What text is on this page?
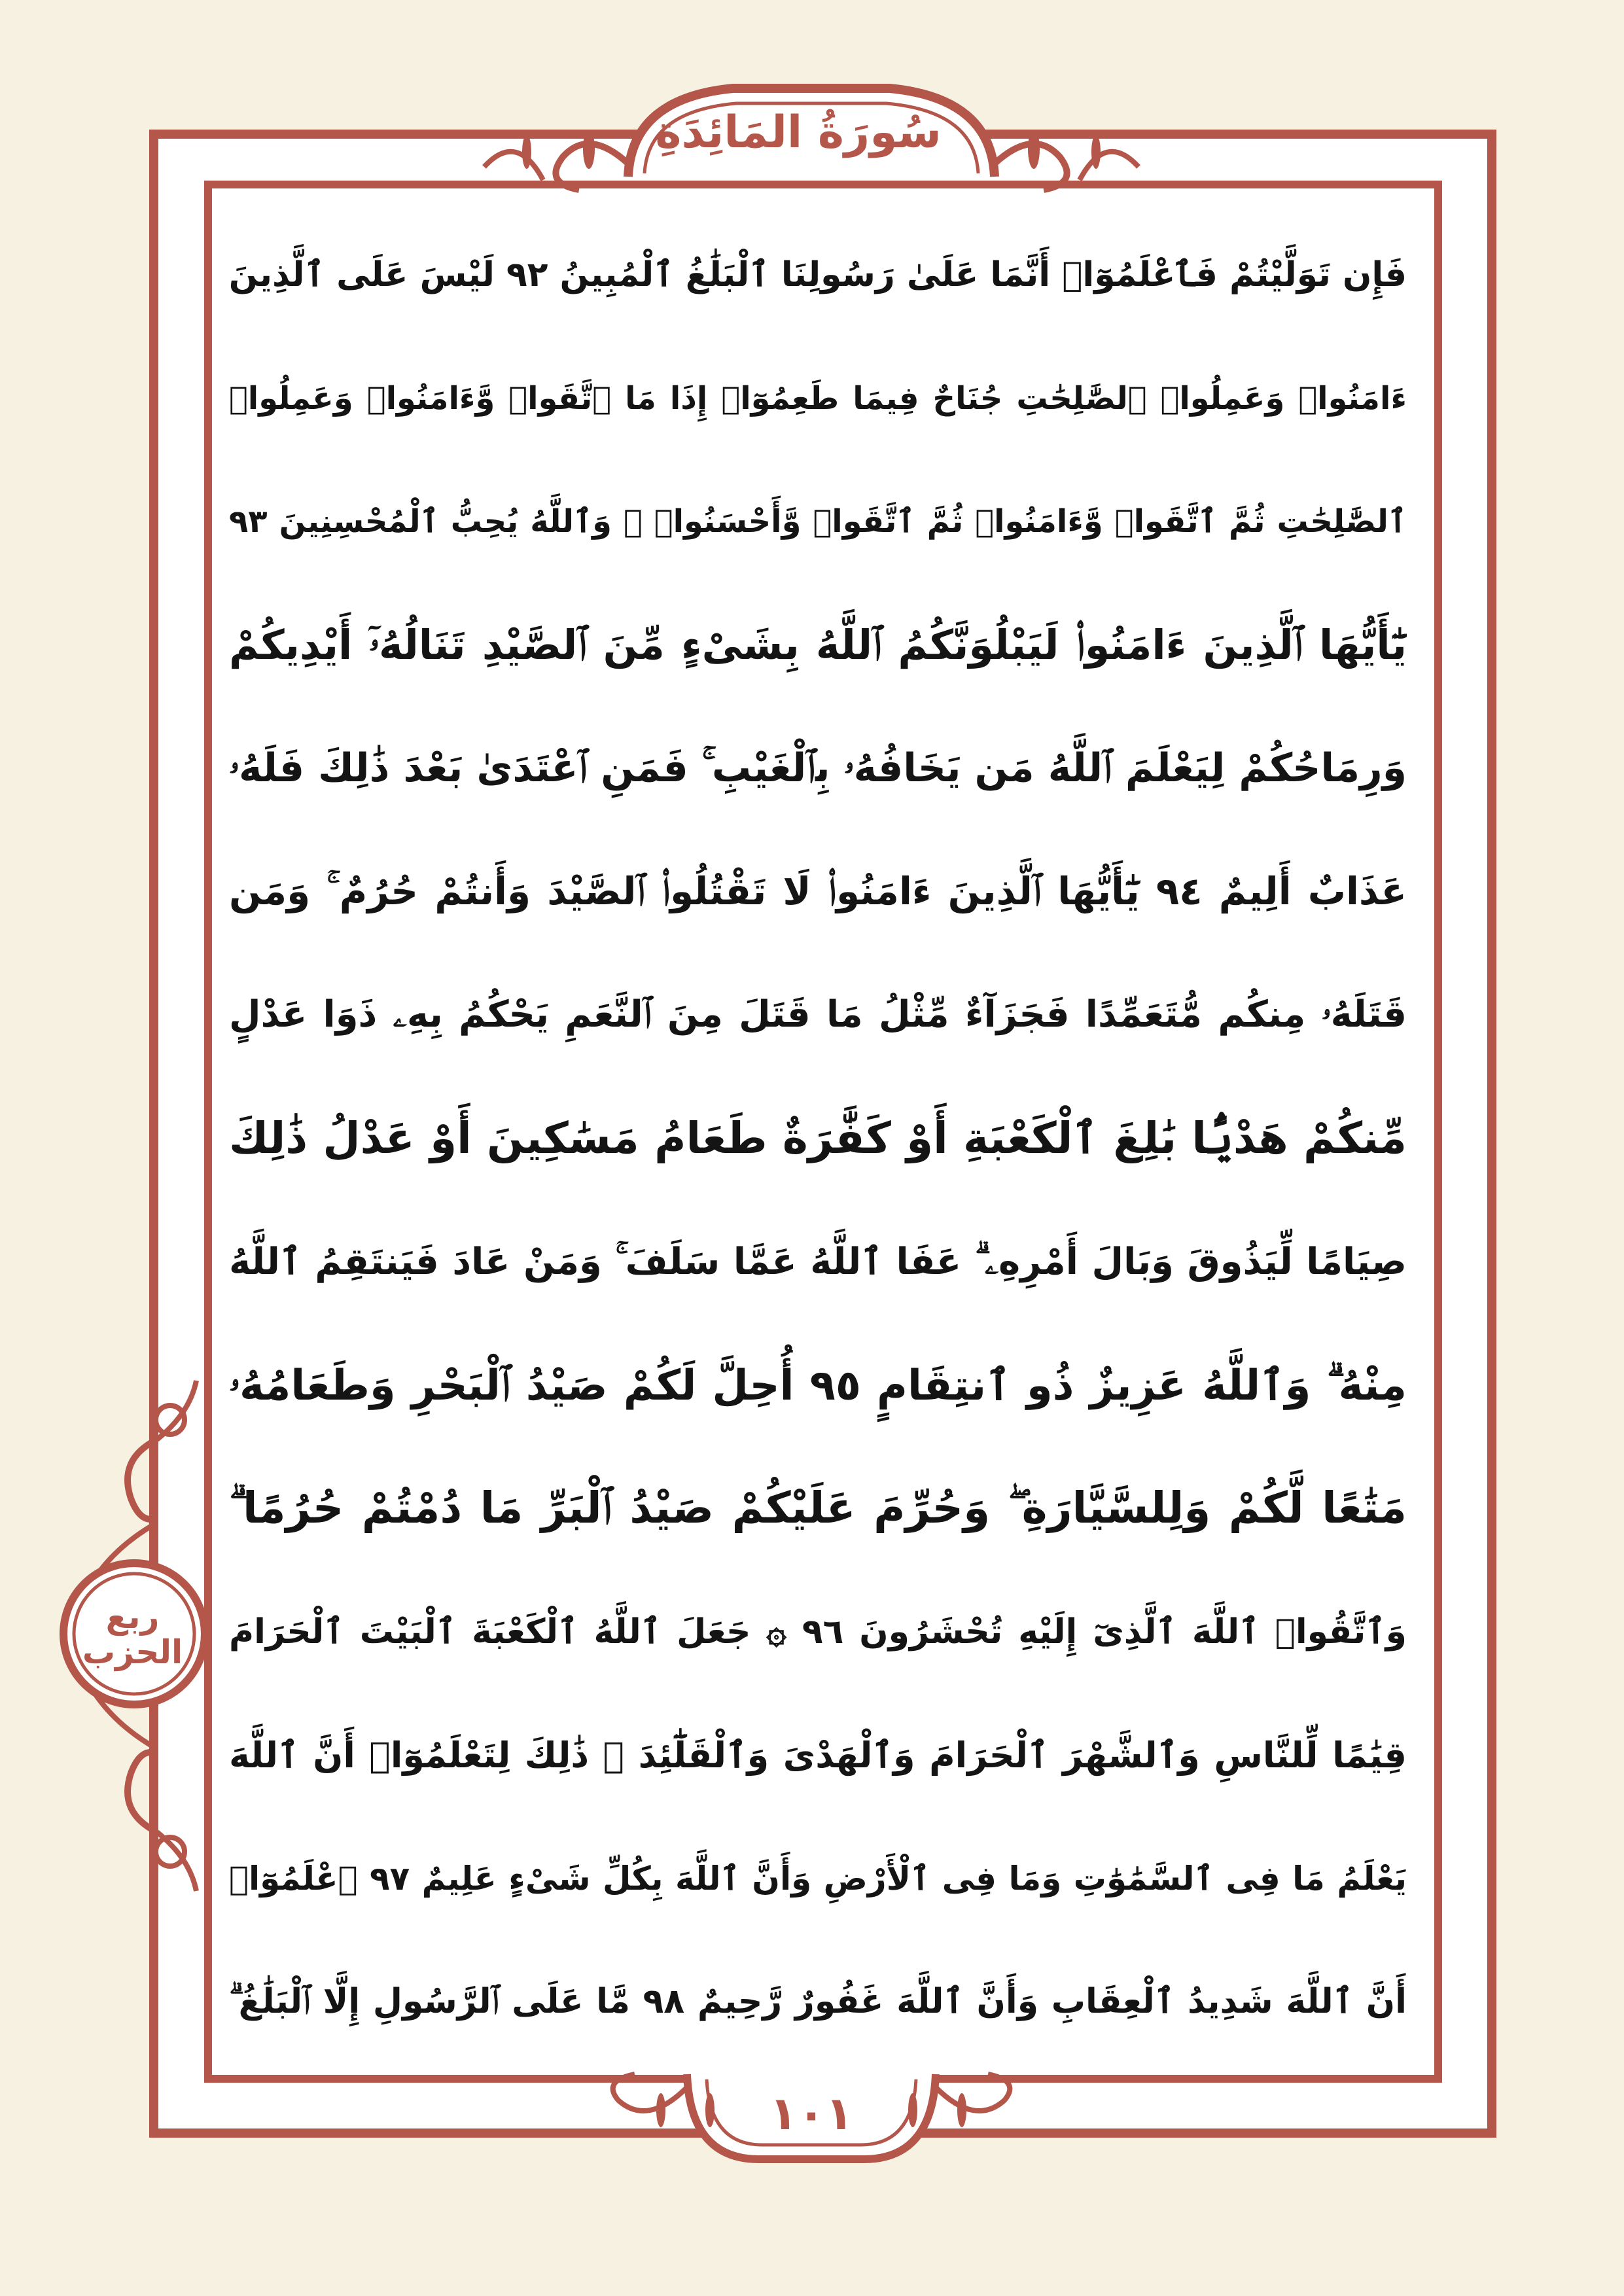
سُورَةُ المَائِدَةِ
فَإِن تَوَلَّيْتُمْ فَٱعْلَمُوٓا۟ أَنَّمَا عَلَىٰ رَسُولِنَا ٱلْبَلَٰغُ ٱلْمُبِينُ ٩٢ لَيْسَ عَلَى ٱلَّذِينَ
ءَامَنُوا۟ وَعَمِلُوا۟ ٱلصَّٰلِحَٰتِ جُنَاحٌ فِيمَا طَعِمُوٓا۟ إِذَا مَا ٱتَّقَوا۟ وَّءَامَنُوا۟ وَعَمِلُوا۟
ٱلصَّٰلِحَٰتِ ثُمَّ ٱتَّقَوا۟ وَّءَامَنُوا۟ ثُمَّ ٱتَّقَوا۟ وَّأَحْسَنُوا۟ ۗ وَٱللَّهُ يُحِبُّ ٱلْمُحْسِنِينَ ٩٣
يَٰٓأَيُّهَا ٱلَّذِينَ ءَامَنُوا۟ لَيَبْلُوَنَّكُمُ ٱللَّهُ بِشَىْءٍ مِّنَ ٱلصَّيْدِ تَنَالُهُۥٓ أَيْدِيكُمْ
وَرِمَاحُكُمْ لِيَعْلَمَ ٱللَّهُ مَن يَخَافُهُۥ بِٱلْغَيْبِ ۚ فَمَنِ ٱعْتَدَىٰ بَعْدَ ذَٰلِكَ فَلَهُۥ
عَذَابٌ أَلِيمٌ ٩٤ يَٰٓأَيُّهَا ٱلَّذِينَ ءَامَنُوا۟ لَا تَقْتُلُوا۟ ٱلصَّيْدَ وَأَنتُمْ حُرُمٌ ۚ وَمَن
قَتَلَهُۥ مِنكُم مُّتَعَمِّدًا فَجَزَآءٌ مِّثْلُ مَا قَتَلَ مِنَ ٱلنَّعَمِ يَحْكُمُ بِهِۦ ذَوَا عَدْلٍ
مِّنكُمْ هَدْيًۢا بَٰلِغَ ٱلْكَعْبَةِ أَوْ كَفَّٰرَةٌ طَعَامُ مَسَٰكِينَ أَوْ عَدْلُ ذَٰلِكَ
صِيَامًا لِّيَذُوقَ وَبَالَ أَمْرِهِۦ ۗ عَفَا ٱللَّهُ عَمَّا سَلَفَ ۚ وَمَنْ عَادَ فَيَنتَقِمُ ٱللَّهُ
مِنْهُ ۗ وَٱللَّهُ عَزِيزٌ ذُو ٱنتِقَامٍ ٩٥ أُحِلَّ لَكُمْ صَيْدُ ٱلْبَحْرِ وَطَعَامُهُۥ
مَتَٰعًا لَّكُمْ وَلِلسَّيَّارَةِ ۖ وَحُرِّمَ عَلَيْكُمْ صَيْدُ ٱلْبَرِّ مَا دُمْتُمْ حُرُمًا ۗ
وَٱتَّقُوا۟ ٱللَّهَ ٱلَّذِىٓ إِلَيْهِ تُحْشَرُونَ ٩٦ ۞ جَعَلَ ٱللَّهُ ٱلْكَعْبَةَ ٱلْبَيْتَ ٱلْحَرَامَ
قِيَٰمًا لِّلنَّاسِ وَٱلشَّهْرَ ٱلْحَرَامَ وَٱلْهَدْىَ وَٱلْقَلَٰٓئِدَ ۚ ذَٰلِكَ لِتَعْلَمُوٓا۟ أَنَّ ٱللَّهَ
يَعْلَمُ مَا فِى ٱلسَّمَٰوَٰتِ وَمَا فِى ٱلْأَرْضِ وَأَنَّ ٱللَّهَ بِكُلِّ شَىْءٍ عَلِيمٌ ٩٧ ٱعْلَمُوٓا۟
أَنَّ ٱللَّهَ شَدِيدُ ٱلْعِقَابِ وَأَنَّ ٱللَّهَ غَفُورٌ رَّحِيمٌ ٩٨ مَّا عَلَى ٱلرَّسُولِ إِلَّا ٱلْبَلَٰغُ ۗ
١٠١
ربع الحزب
